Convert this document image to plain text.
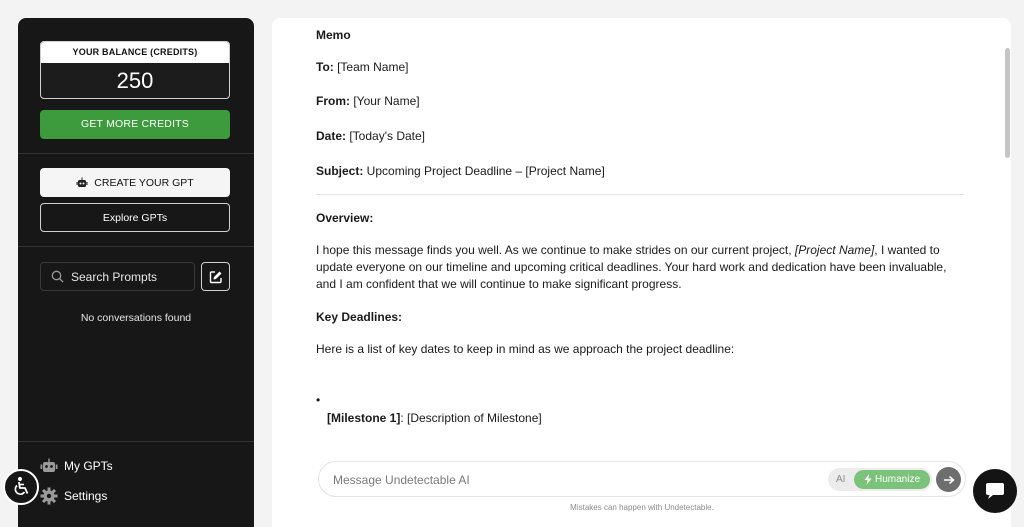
YOUR BALANCE (CREDITS)
250
GET MORE CREDITS
CREATE YOUR GPT
Explore GPTs
Search Prompts
No conversations found
My GPTs
Settings
Memo
To: [Team Name]
From: [Your Name]
Date: [Today's Date]
Subject: Upcoming Project Deadline – [Project Name]
Overview:
I hope this message finds you well. As we continue to make strides on our current project, [Project Name], I wanted to update everyone on our timeline and upcoming critical deadlines. Your hard work and dedication have been invaluable, and I am confident that we will continue to make significant progress.
Key Deadlines:
Here is a list of key dates to keep in mind as we approach the project deadline:
•
[Milestone 1]: [Description of Milestone]
Message Undetectable AI
AI	Humanize
Mistakes can happen with Undetectable.
